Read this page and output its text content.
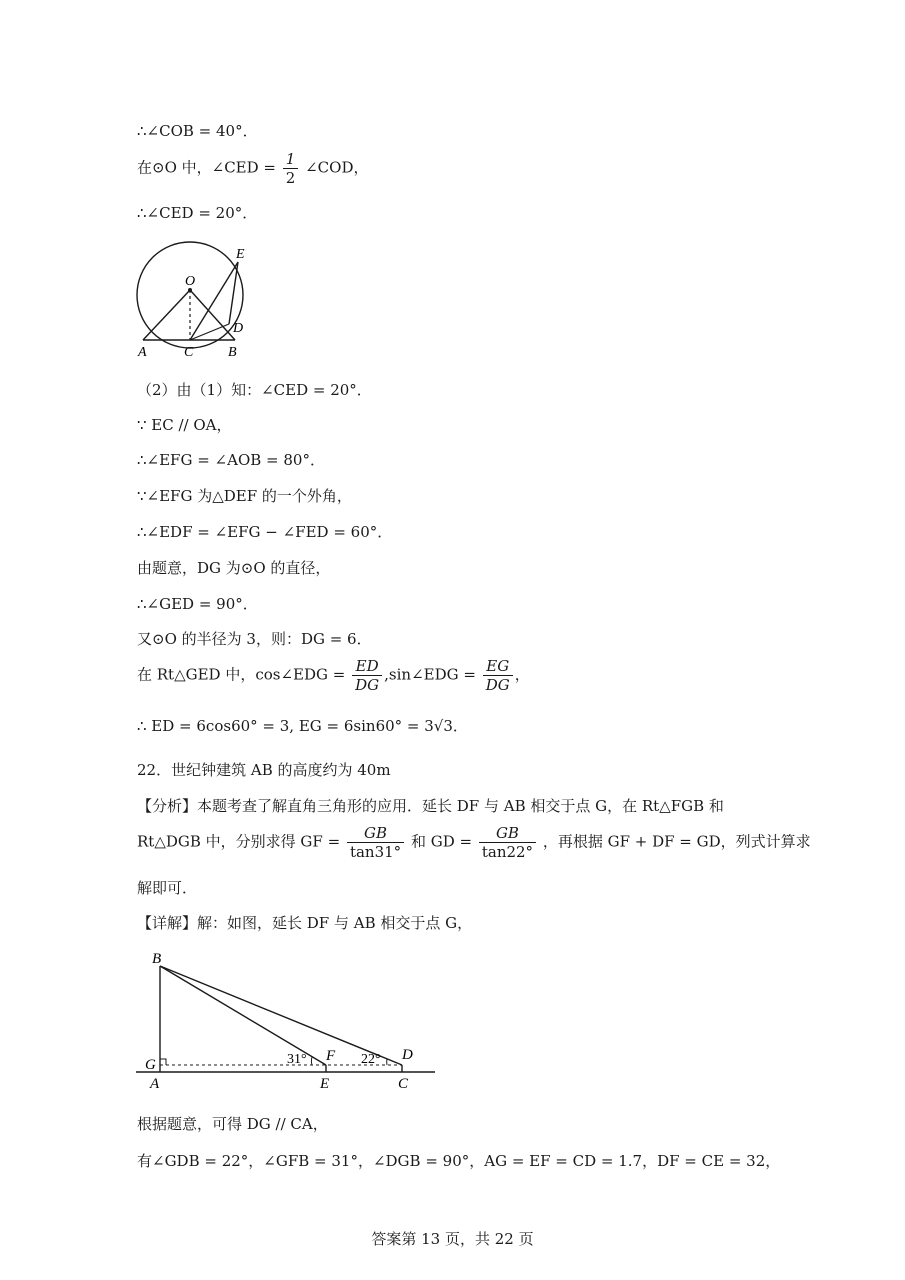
∴∠COB = 40°．
在⊙O 中，∠CED = $\frac{1}{2}$ ∠COD，
∴∠CED = 20°．
E
O
D
A	C B
（2）由（1）知：∠CED = 20°．
∵ EC // OA，
∴∠EFG = ∠AOB = 80°．
∵∠EFG 为△DEF 的一个外角，
∴∠EDF = ∠EFG − ∠FED = 60°．
由题意，DG 为⊙O 的直径，
∴∠GED = 90°．
又⊙O 的半径为 3，则：DG = 6．
在 Rt△GED 中，cos∠EDG = $\frac{ED}{DG}$ ,sin∠EDG = $\frac{EG}{DG}$ ，
∴ ED = 6cos60° = 3, EG = 6sin60° = 3√3．
22．世纪钟建筑 AB 的高度约为 40m
【分析】本题考查了解直角三角形的应用．延长 DF 与 AB 相交于点 G，在 Rt△FGB 和
Rt△DGB 中，分别求得 GF = $\frac{GB}{\tan 31^\circ}$ 和 GD = $\frac{GB}{\tan 22^\circ}$ ，再根据 GF + DF = GD，列式计算求
解即可．
【详解】解：如图，延长 DF 与 AB 相交于点 G，
B
G
A
31° F
E
22° D
C
根据题意，可得 DG // CA，
有∠GDB = 22°，∠GFB = 31°，∠DGB = 90°，AG = EF = CD = 1.7，DF = CE = 32，
答案第 13 页，共 22 页
